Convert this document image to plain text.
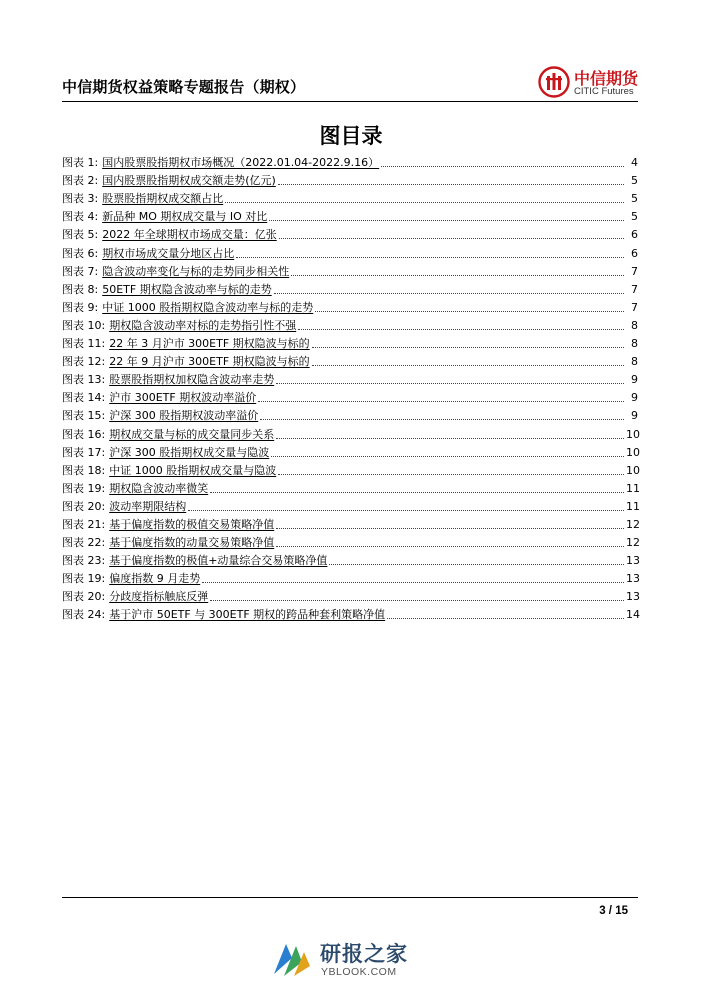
中信期货权益策略专题报告（期权）	中信期货
CITIC Futures
图目录
图表 1: 国内股票股指期权市场概况（2022.01.04-2022.9.16）	4
图表 2: 国内股票股指期权成交额走势(亿元)	5
图表 3: 股票股指期权成交额占比	5
图表 4: 新品种 MO 期权成交量与 IO 对比	5
图表 5: 2022 年全球期权市场成交量：亿张	6
图表 6: 期权市场成交量分地区占比	6
图表 7: 隐含波动率变化与标的走势同步相关性	7
图表 8: 50ETF 期权隐含波动率与标的走势	7
图表 9: 中证 1000 股指期权隐含波动率与标的走势	7
图表 10: 期权隐含波动率对标的走势指引性不强	8
图表 11: 22 年 3 月沪市 300ETF 期权隐波与标的	8
图表 12: 22 年 9 月沪市 300ETF 期权隐波与标的	8
图表 13: 股票股指期权加权隐含波动率走势	9
图表 14: 沪市 300ETF 期权波动率溢价	9
图表 15: 沪深 300 股指期权波动率溢价	9
图表 16: 期权成交量与标的成交量同步关系	10
图表 17: 沪深 300 股指期权成交量与隐波	10
图表 18: 中证 1000 股指期权成交量与隐波	10
图表 19: 期权隐含波动率微笑	11
图表 20: 波动率期限结构	11
图表 21: 基于偏度指数的极值交易策略净值	12
图表 22: 基于偏度指数的动量交易策略净值	12
图表 23: 基于偏度指数的极值+动量综合交易策略净值	13
图表 19: 偏度指数 9 月走势	13
图表 20: 分歧度指标触底反弹	13
图表 24: 基于沪市 50ETF 与 300ETF 期权的跨品种套利策略净值	14
3 / 15
研报之家
YBLOOK.COM
